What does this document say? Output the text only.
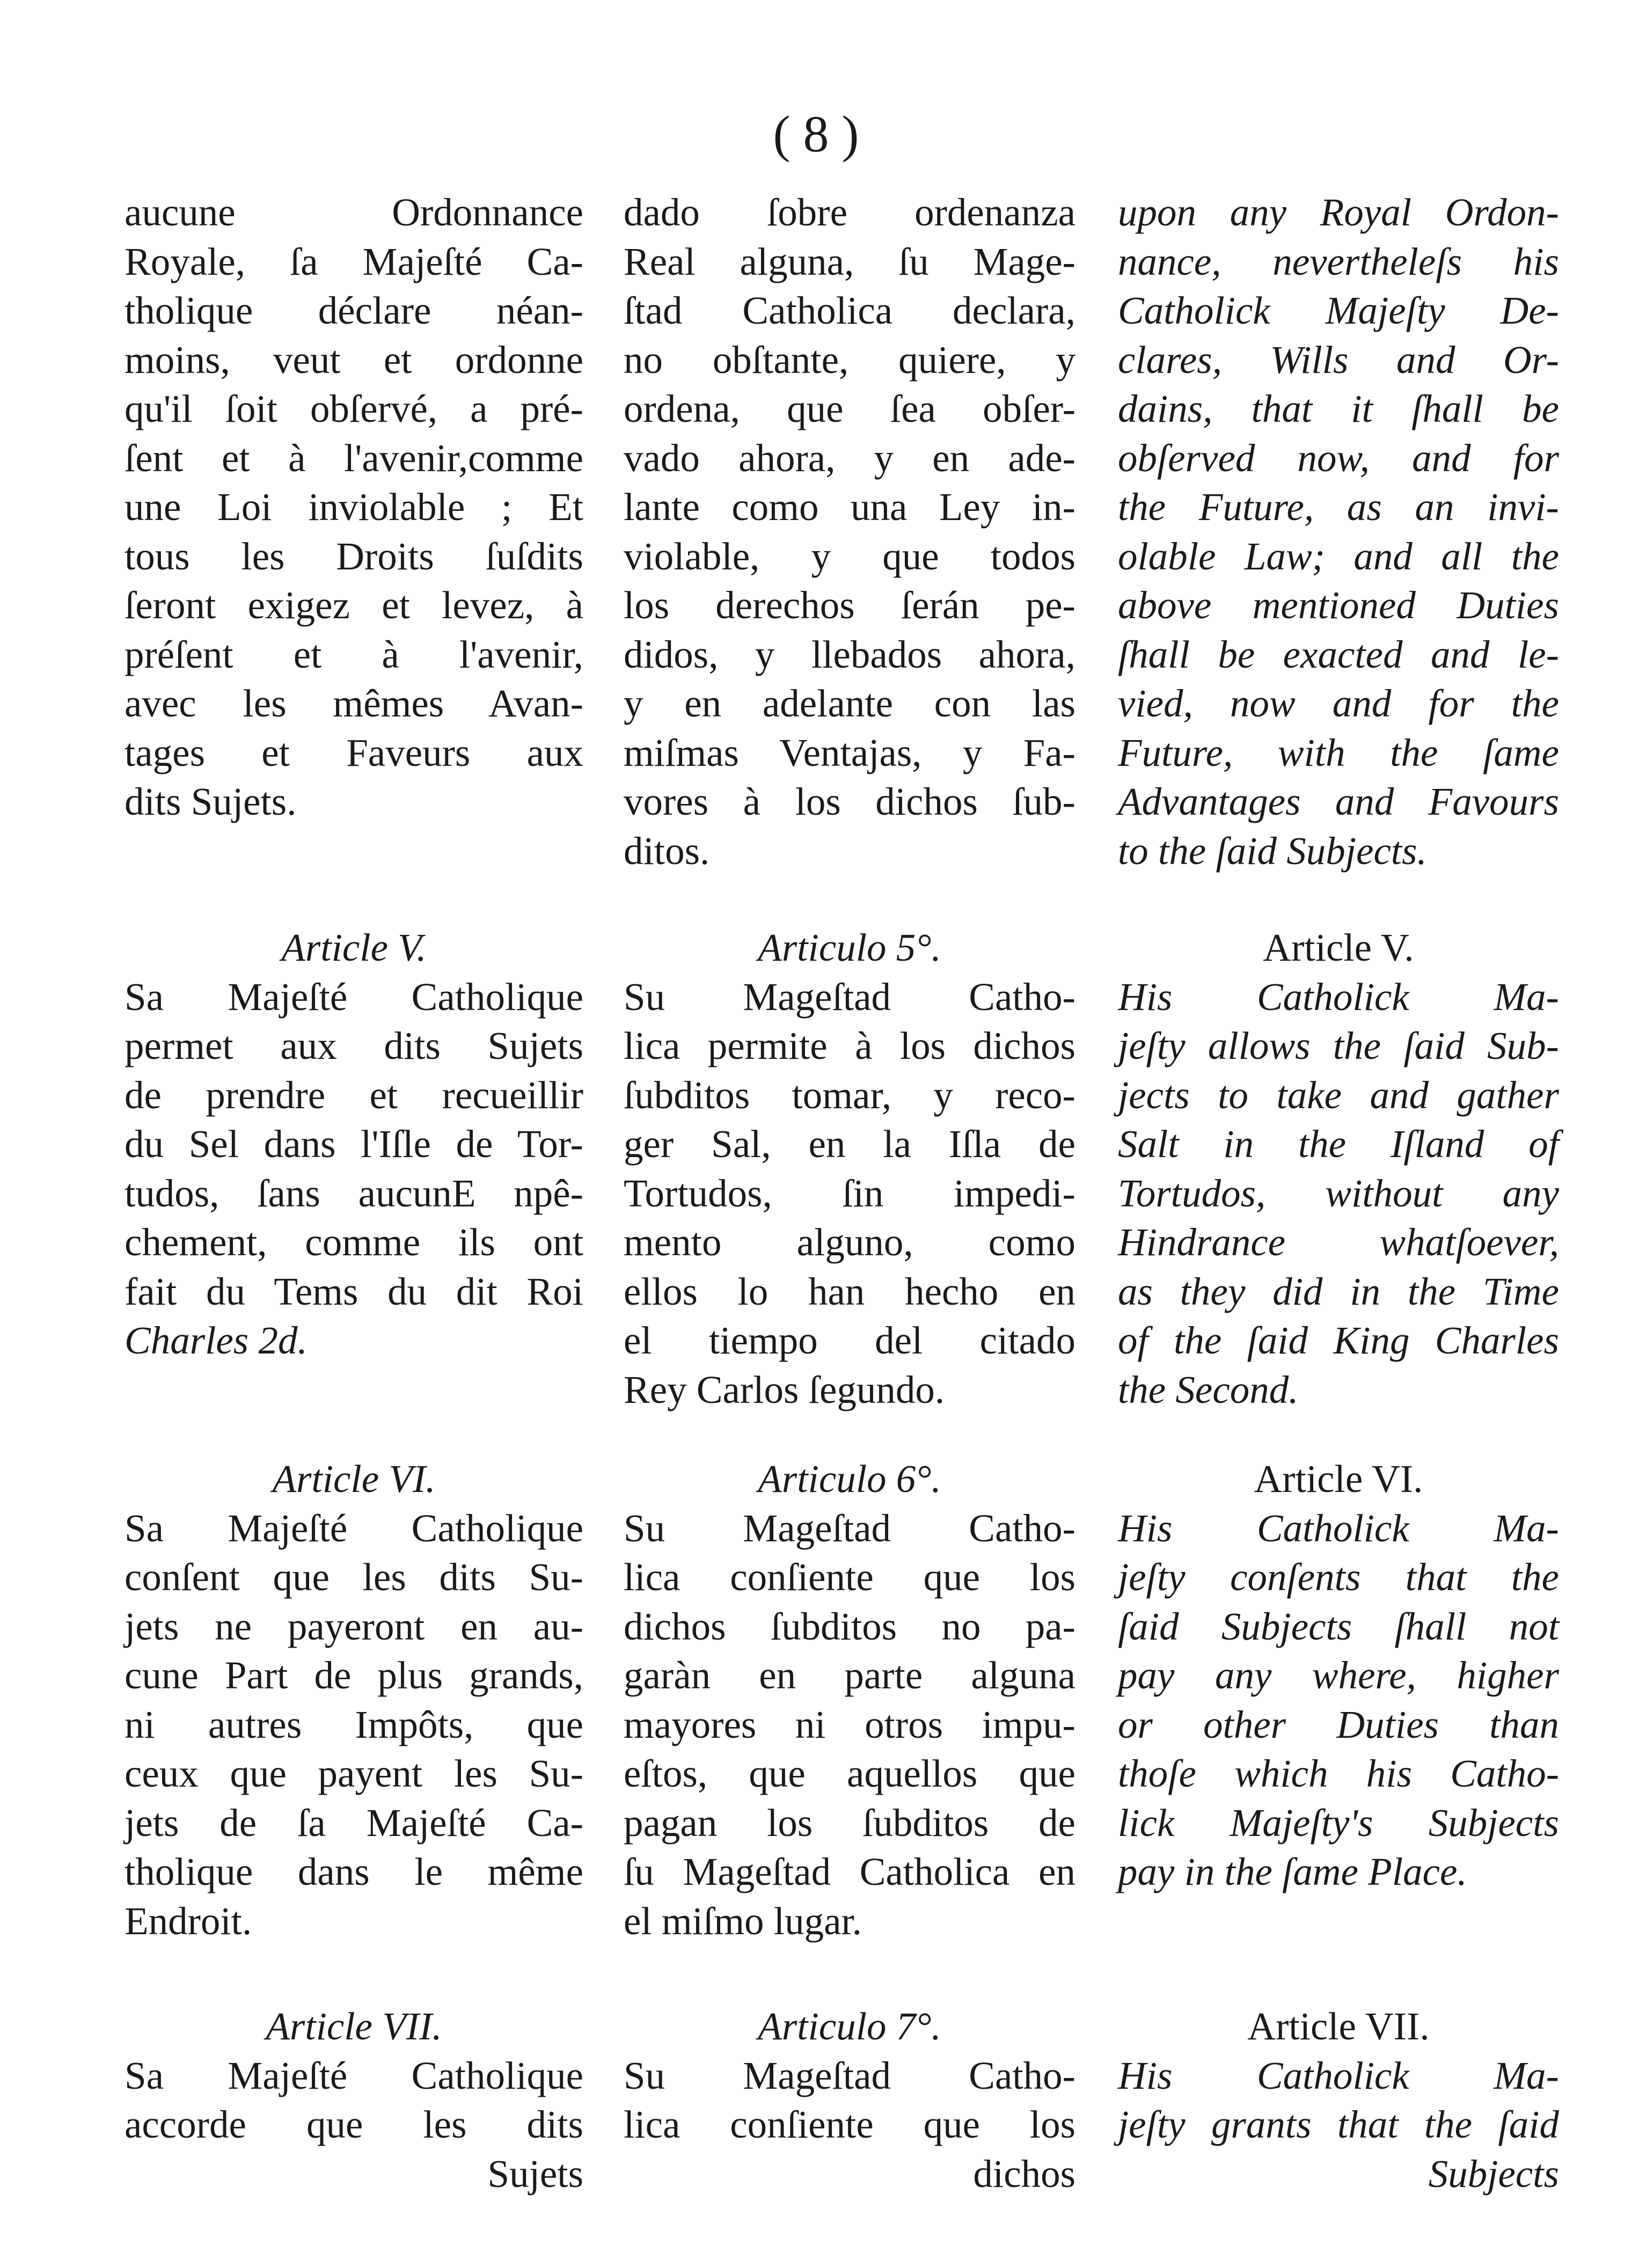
( 8 )
aucune Ordonnance
Royale, ſa Majeſté Ca-
tholique déclare néan-
moins, veut et ordonne
qu'il ſoit obſervé, a pré-
ſent et à l'avenir,comme
une Loi inviolable ; Et
tous les Droits ſuſdits
ſeront exigez et levez, à
préſent et à l'avenir,
avec les mêmes Avan-
tages et Faveurs aux
dits Sujets.
Article V.
Sa Majeſté Catholique
permet aux dits Sujets
de prendre et recueillir
du Sel dans l'Iſle de Tor-
tudos, ſans aucunE npê-
chement, comme ils ont
fait du Tems du dit Roi
Charles 2d.
Article VI.
Sa Majeſté Catholique
conſent que les dits Su-
jets ne payeront en au-
cune Part de plus grands,
ni autres Impôts, que
ceux que payent les Su-
jets de ſa Majeſté Ca-
tholique dans le même
Endroit.
Article VII.
Sa Majeſté Catholique
accorde que les dits
Sujets
dado ſobre ordenanza
Real alguna, ſu Mage-
ſtad Catholica declara,
no obſtante, quiere, y
ordena, que ſea obſer-
vado ahora, y en ade-
lante como una Ley in-
violable, y que todos
los derechos ſerán pe-
didos, y llebados ahora,
y en adelante con las
miſmas Ventajas, y Fa-
vores à los dichos ſub-
ditos.
Articulo 5°.
Su Mageſtad Catho-
lica permite à los dichos
ſubditos tomar, y reco-
ger Sal, en la Iſla de
Tortudos, ſin impedi-
mento alguno, como
ellos lo han hecho en
el tiempo del citado
Rey Carlos ſegundo.
Articulo 6°.
Su Mageſtad Catho-
lica conſiente que los
dichos ſubditos no pa-
garàn en parte alguna
mayores ni otros impu-
eſtos, que aquellos que
pagan los ſubditos de
ſu Mageſtad Catholica en
el miſmo lugar.
Articulo 7°.
Su Mageſtad Catho-
lica conſiente que los
dichos
upon any Royal Ordon-
nance, nevertheleſs his
Catholick Majeſty De-
clares, Wills and Or-
dains, that it ſhall be
obſerved now, and for
the Future, as an invi-
olable Law; and all the
above mentioned Duties
ſhall be exacted and le-
vied, now and for the
Future, with the ſame
Advantages and Favours
to the ſaid Subjects.
Article V.
His Catholick Ma-
jeſty allows the ſaid Sub-
jects to take and gather
Salt in the Iſland of
Tortudos, without any
Hindrance whatſoever,
as they did in the Time
of the ſaid King Charles
the Second.
Article VI.
His Catholick Ma-
jeſty conſents that the
ſaid Subjects ſhall not
pay any where, higher
or other Duties than
thoſe which his Catho-
lick Majeſty's Subjects
pay in the ſame Place.
Article VII.
His Catholick Ma-
jeſty grants that the ſaid
Subjects
